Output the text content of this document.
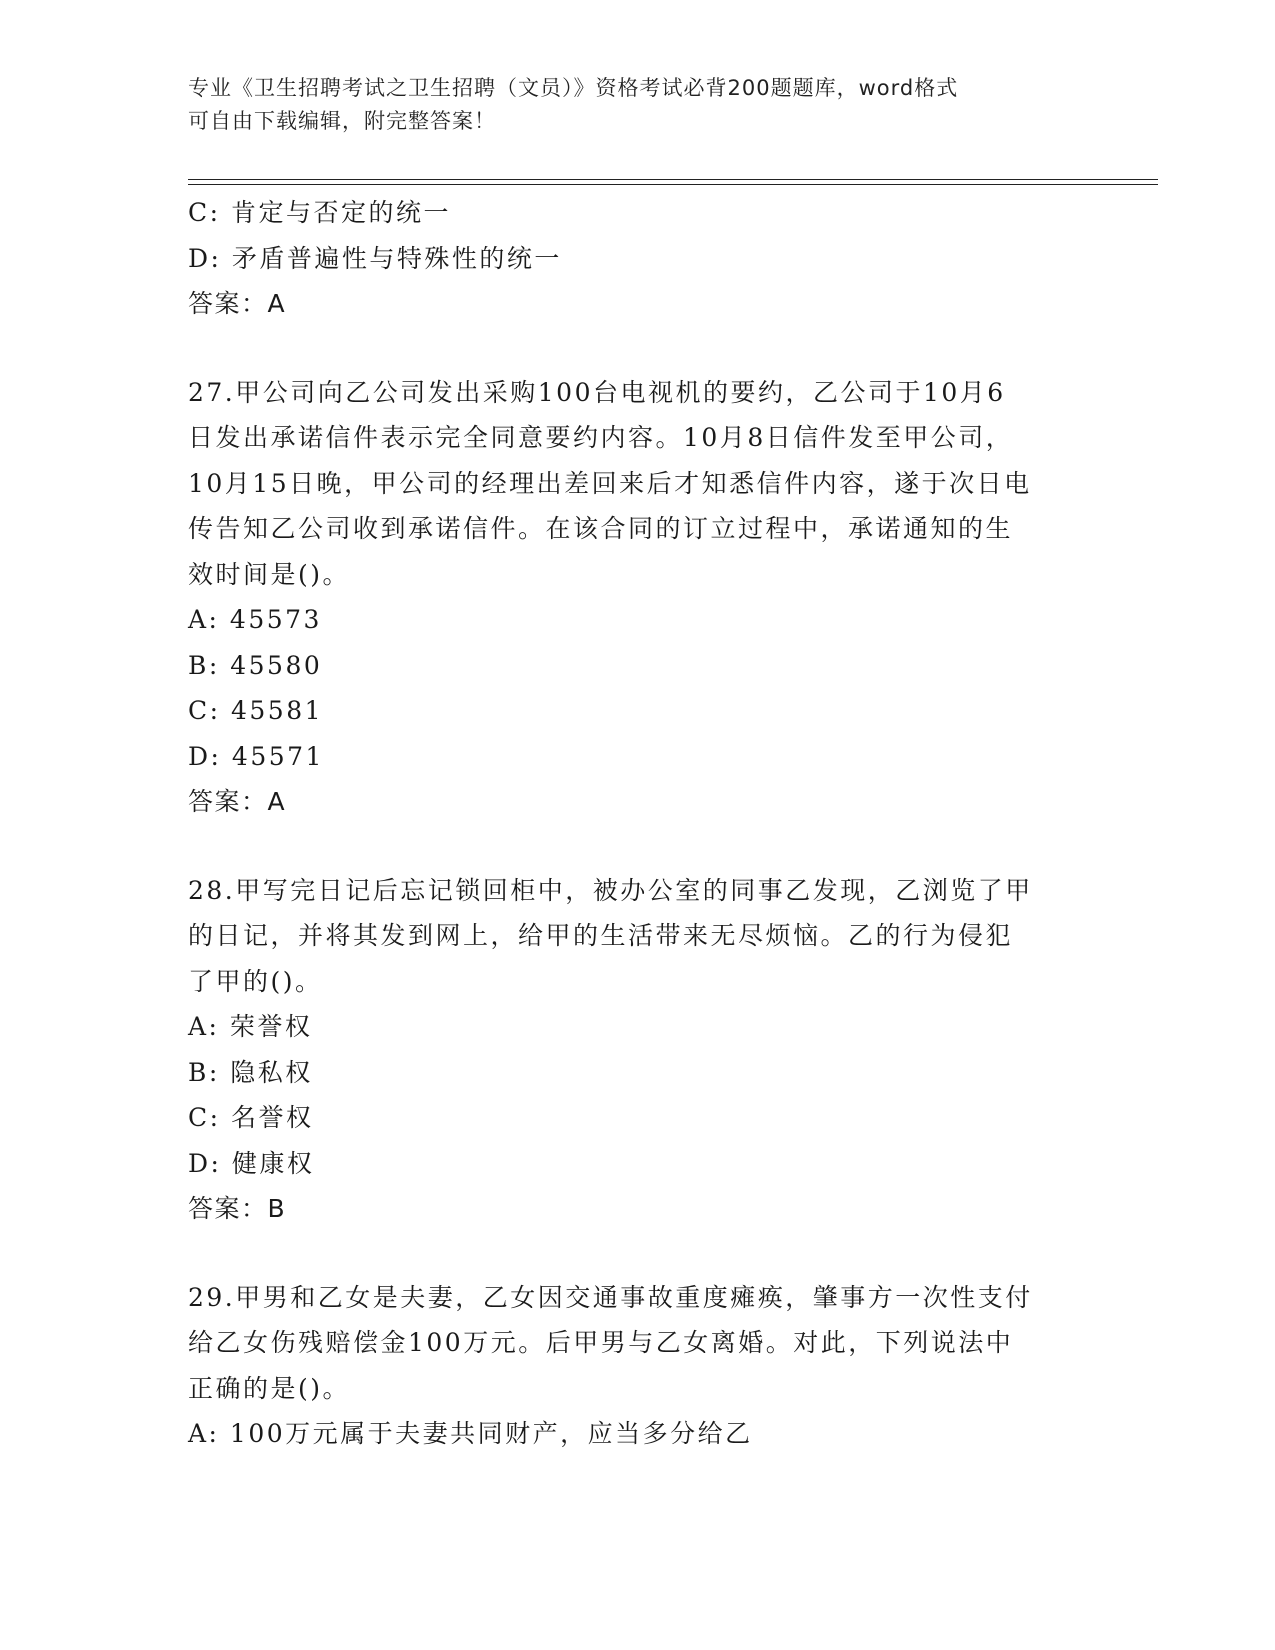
专业《卫生招聘考试之卫生招聘（文员）》资格考试必背200题题库，word格式
可自由下载编辑，附完整答案！
C: 肯定与否定的统一
D: 矛盾普遍性与特殊性的统一
答案：A
27.甲公司向乙公司发出采购100台电视机的要约，乙公司于10月6
日发出承诺信件表示完全同意要约内容。10月8日信件发至甲公司，
10月15日晚，甲公司的经理出差回来后才知悉信件内容，遂于次日电
传告知乙公司收到承诺信件。在该合同的订立过程中，承诺通知的生
效时间是()。
A: 45573
B: 45580
C: 45581
D: 45571
答案：A
28.甲写完日记后忘记锁回柜中，被办公室的同事乙发现，乙浏览了甲
的日记，并将其发到网上，给甲的生活带来无尽烦恼。乙的行为侵犯
了甲的()。
A: 荣誉权
B: 隐私权
C: 名誉权
D: 健康权
答案：B
29.甲男和乙女是夫妻，乙女因交通事故重度瘫痪，肇事方一次性支付
给乙女伤残赔偿金100万元。后甲男与乙女离婚。对此，下列说法中
正确的是()。
A: 100万元属于夫妻共同财产，应当多分给乙
